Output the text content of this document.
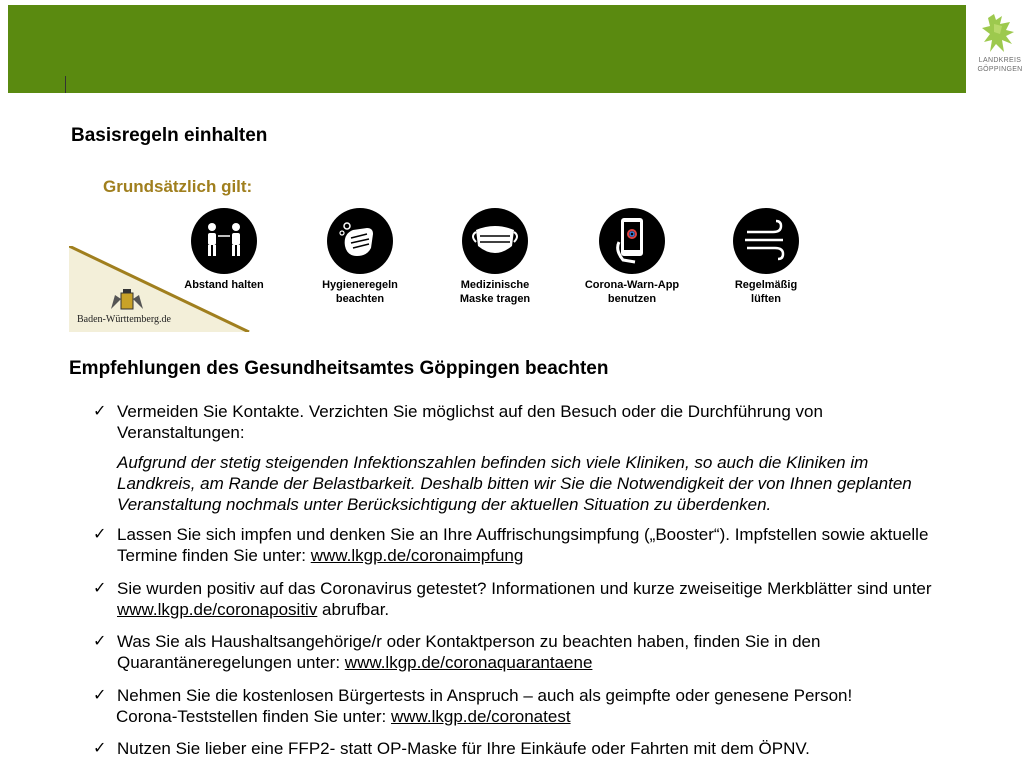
LANDKREIS
GÖPPINGEN
Basisregeln einhalten
Grundsätzlich gilt:
Baden-Württemberg.de
Abstand halten	Hygieneregeln
beachten
Medizinische
Maske tragen
Corona-Warn-App
benutzen
Regelmäßig
lüften
Empfehlungen des Gesundheitsamtes Göppingen beachten
✓ Vermeiden Sie Kontakte. Verzichten Sie möglichst auf den Besuch oder die Durchführung von
Veranstaltungen:
Aufgrund der stetig steigenden Infektionszahlen befinden sich viele Kliniken, so auch die Kliniken im
Landkreis, am Rande der Belastbarkeit. Deshalb bitten wir Sie die Notwendigkeit der von Ihnen geplanten
Veranstaltung nochmals unter Berücksichtigung der aktuellen Situation zu überdenken.
✓ Lassen Sie sich impfen und denken Sie an Ihre Auffrischungsimpfung („Booster“). Impfstellen sowie aktuelle
Termine finden Sie unter: www.lkgp.de/coronaimpfung
✓ Sie wurden positiv auf das Coronavirus getestet? Informationen und kurze zweiseitige Merkblätter sind unter
www.lkgp.de/coronapositiv abrufbar.
✓ Was Sie als Haushaltsangehörige/r oder Kontaktperson zu beachten haben, finden Sie in den
Quarantäneregelungen unter: www.lkgp.de/coronaquarantaene
✓ Nehmen Sie die kostenlosen Bürgertests in Anspruch – auch als geimpfte oder genesene Person!
Corona-Teststellen finden Sie unter: www.lkgp.de/coronatest
✓ Nutzen Sie lieber eine FFP2- statt OP-Maske für Ihre Einkäufe oder Fahrten mit dem ÖPNV.
